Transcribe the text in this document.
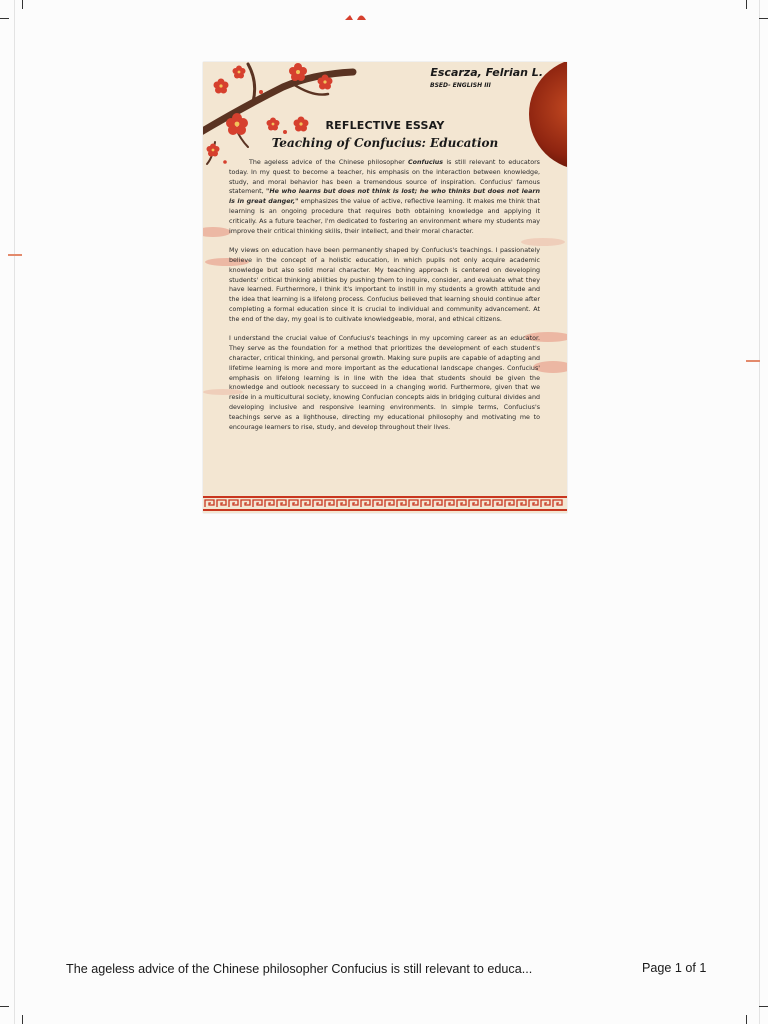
Escarza, Felrian L.
BSED- ENGLISH III
REFLECTIVE ESSAY
Teaching of Confucius: Education

The ageless advice of the Chinese philosopher Confucius is still relevant to educators today. In my quest to become a teacher, his emphasis on the interaction between knowledge, study, and moral behavior has been a tremendous source of inspiration. Confucius' famous statement, "He who learns but does not think is lost; he who thinks but does not learn is in great danger," emphasizes the value of active, reflective learning. It makes me think that learning is an ongoing procedure that requires both obtaining knowledge and applying it critically. As a future teacher, I'm dedicated to fostering an environment where my students may improve their critical thinking skills, their intellect, and their moral character.

My views on education have been permanently shaped by Confucius's teachings. I passionately believe in the concept of a holistic education, in which pupils not only acquire academic knowledge but also solid moral character. My teaching approach is centered on developing students' critical thinking abilities by pushing them to inquire, consider, and evaluate what they have learned. Furthermore, I think it's important to instill in my students a growth attitude and the idea that learning is a lifelong process. Confucius believed that learning should continue after completing a formal education since it is crucial to individual and community advancement. At the end of the day, my goal is to cultivate knowledgeable, moral, and ethical citizens.

I understand the crucial value of Confucius's teachings in my upcoming career as an educator. They serve as the foundation for a method that prioritizes the development of each student's character, critical thinking, and personal growth. Making sure pupils are capable of adapting and lifetime learning is more and more important as the educational landscape changes. Confucius' emphasis on lifelong learning is in line with the idea that students should be given the knowledge and outlook necessary to succeed in a changing world. Furthermore, given that we reside in a multicultural society, knowing Confucian concepts aids in bridging cultural divides and developing inclusive and responsive learning environments. In simple terms, Confucius's teachings serve as a lighthouse, directing my educational philosophy and motivating me to encourage learners to rise, study, and develop throughout their lives.

The ageless advice of the Chinese philosopher Confucius is still relevant to educa...	Page 1 of 1
